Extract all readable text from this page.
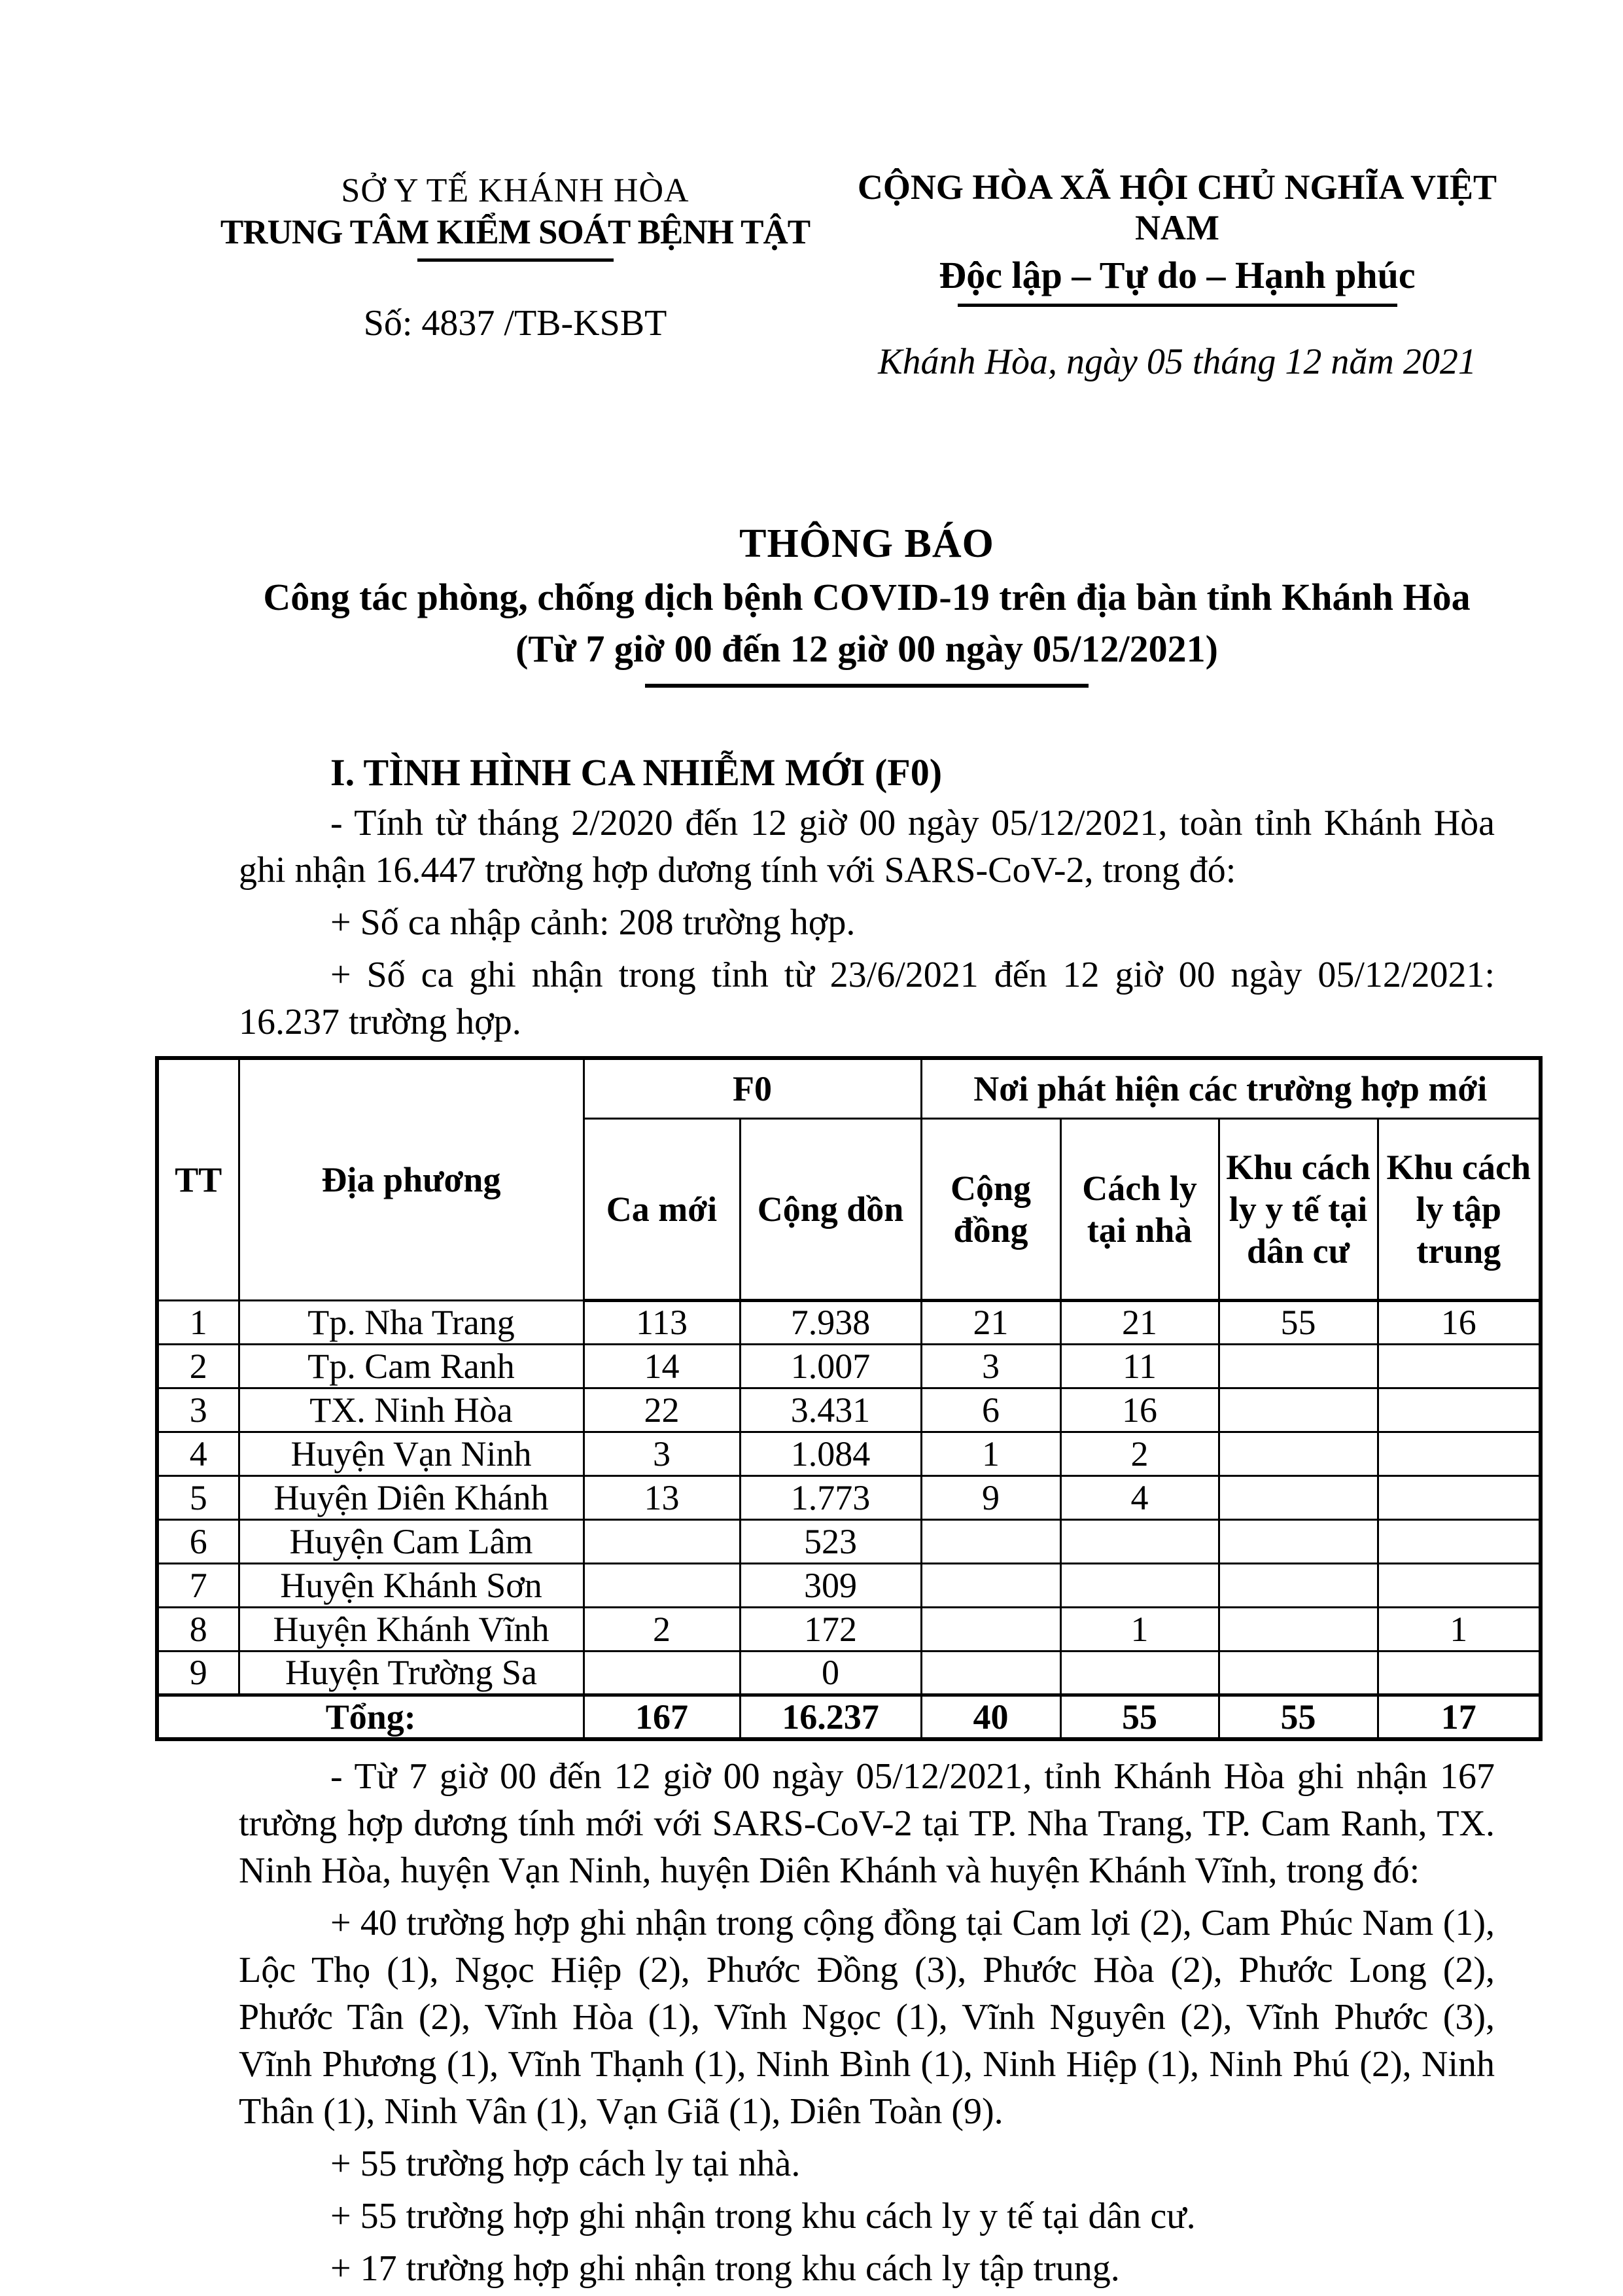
SỞ Y TẾ KHÁNH HÒA
TRUNG TÂM KIỂM SOÁT BỆNH TẬT
Số: 4837 /TB-KSBT
CỘNG HÒA XÃ HỘI CHỦ NGHĨA VIỆT NAM
Độc lập – Tự do – Hạnh phúc
Khánh Hòa, ngày 05 tháng 12 năm 2021
THÔNG BÁO
Công tác phòng, chống dịch bệnh COVID-19 trên địa bàn tỉnh Khánh Hòa
(Từ 7 giờ 00 đến 12 giờ 00 ngày 05/12/2021)
I. TÌNH HÌNH CA NHIỄM MỚI (F0)

- Tính từ tháng 2/2020 đến 12 giờ 00 ngày 05/12/2021, toàn tỉnh Khánh Hòa ghi nhận 16.447 trường hợp dương tính với SARS-CoV-2, trong đó:

+ Số ca nhập cảnh: 208 trường hợp.

+ Số ca ghi nhận trong tỉnh từ 23/6/2021 đến 12 giờ 00 ngày 05/12/2021: 16.237 trường hợp.

TT	Địa phương	F0		Nơi phát hiện các trường hợp mới			
		Ca mới	Cộng dồn	Cộng đồng	Cách ly tại nhà	Khu cách ly y tế tại dân cư	Khu cách ly tập trung
1	Tp. Nha Trang	113	7.938	21	21	55	16
2	Tp. Cam Ranh	14	1.007	3	11		
3	TX. Ninh Hòa	22	3.431	6	16		
4	Huyện Vạn Ninh	3	1.084	1	2		
5	Huyện Diên Khánh	13	1.773	9	4		
6	Huyện Cam Lâm		523				
7	Huyện Khánh Sơn		309				
8	Huyện Khánh Vĩnh	2	172		1		1
9	Huyện Trường Sa		0				
Tổng:		167	16.237	40	55	55	17

- Từ 7 giờ 00 đến 12 giờ 00 ngày 05/12/2021, tỉnh Khánh Hòa ghi nhận 167 trường hợp dương tính mới với SARS-CoV-2 tại TP. Nha Trang, TP. Cam Ranh, TX. Ninh Hòa, huyện Vạn Ninh, huyện Diên Khánh và huyện Khánh Vĩnh, trong đó:

+ 40 trường hợp ghi nhận trong cộng đồng tại Cam lợi (2), Cam Phúc Nam (1), Lộc Thọ (1), Ngọc Hiệp (2), Phước Đồng (3), Phước Hòa (2), Phước Long (2), Phước Tân (2), Vĩnh Hòa (1), Vĩnh Ngọc (1), Vĩnh Nguyên (2), Vĩnh Phước (3), Vĩnh Phương (1), Vĩnh Thạnh (1), Ninh Bình (1), Ninh Hiệp (1), Ninh Phú (2), Ninh Thân (1), Ninh Vân (1), Vạn Giã (1), Diên Toàn (9).

+ 55 trường hợp cách ly tại nhà.

+ 55 trường hợp ghi nhận trong khu cách ly y tế tại dân cư.

+ 17 trường hợp ghi nhận trong khu cách ly tập trung.
